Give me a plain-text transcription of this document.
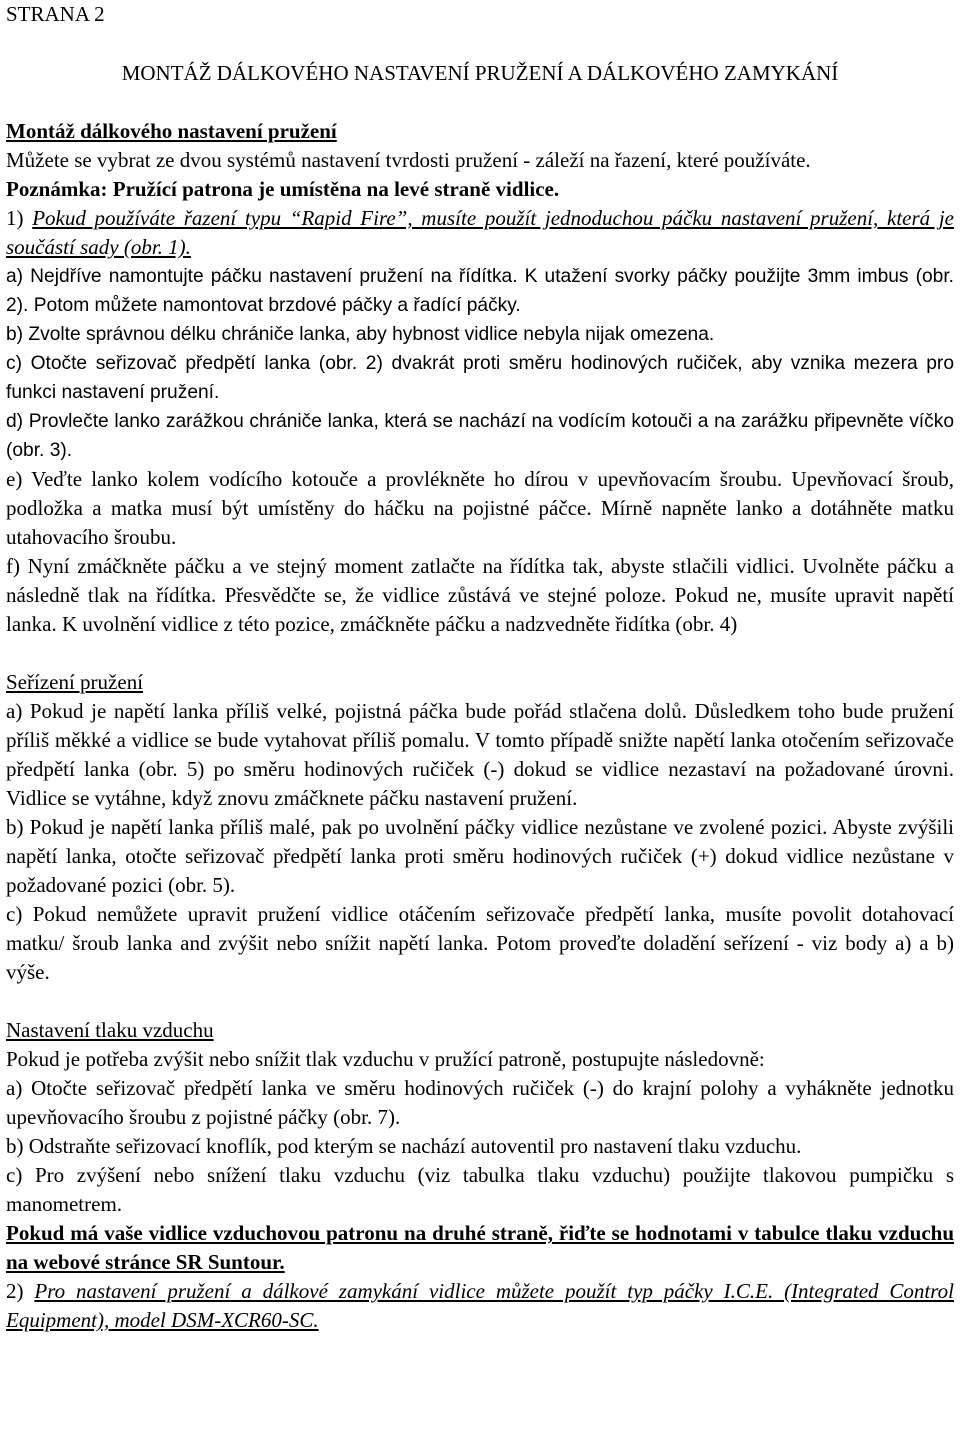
STRANA 2
MONTÁŽ DÁLKOVÉHO NASTAVENÍ PRUŽENÍ A DÁLKOVÉHO ZAMYKÁNÍ

Montáž dálkového nastavení pružení

Můžete se vybrat ze dvou systémů nastavení tvrdosti pružení - záleží na řazení, které používáte.

Poznámka: Pružící patrona je umístěna na levé straně vidlice.

1) Pokud používáte řazení typu “Rapid Fire”, musíte použít jednoduchou páčku nastavení pružení, která je součástí sady (obr. 1).

a) Nejdříve namontujte páčku nastavení pružení na řídítka. K utažení svorky páčky použijte 3mm imbus (obr. 2). Potom můžete namontovat brzdové páčky a řadící páčky.

b) Zvolte správnou délku chrániče lanka, aby hybnost vidlice nebyla nijak omezena.

c) Otočte seřizovač předpětí lanka (obr. 2) dvakrát proti směru hodinových ručiček, aby vznika mezera pro funkci nastavení pružení.

d) Provlečte lanko zarážkou chrániče lanka, která se nachází na vodícím kotouči a na zarážku připevněte víčko (obr. 3).

e) Veďte lanko kolem vodícího kotouče a provlékněte ho dírou v upevňovacím šroubu. Upevňovací šroub, podložka a matka musí být umístěny do háčku na pojistné páčce. Mírně napněte lanko a dotáhněte matku utahovacího šroubu.

f) Nyní zmáčkněte páčku a ve stejný moment zatlačte na řídítka tak, abyste stlačili vidlici. Uvolněte páčku a následně tlak na řídítka. Přesvědčte se, že vidlice zůstává ve stejné poloze. Pokud ne, musíte upravit napětí lanka. K uvolnění vidlice z této pozice, zmáčkněte páčku a nadzvedněte řidítka (obr. 4)

Seřízení pružení

a) Pokud je napětí lanka příliš velké, pojistná páčka bude pořád stlačena dolů. Důsledkem toho bude pružení příliš měkké a vidlice se bude vytahovat příliš pomalu. V tomto případě snižte napětí lanka otočením seřizovače předpětí lanka (obr. 5) po směru hodinových ručiček (-) dokud se vidlice nezastaví na požadované úrovni. Vidlice se vytáhne, když znovu zmáčknete páčku nastavení pružení.

b) Pokud je napětí lanka příliš malé, pak po uvolnění páčky vidlice nezůstane ve zvolené pozici. Abyste zvýšili napětí lanka, otočte seřizovač předpětí lanka proti směru hodinových ručiček (+) dokud vidlice nezůstane v požadované pozici (obr. 5).

c) Pokud nemůžete upravit pružení vidlice otáčením seřizovače předpětí lanka, musíte povolit dotahovací matku/ šroub lanka and zvýšit nebo snížit napětí lanka. Potom proveďte doladění seřízení - viz body a) a b) výše.

Nastavení tlaku vzduchu

Pokud je potřeba zvýšit nebo snížit tlak vzduchu v pružící patroně, postupujte následovně:

a) Otočte seřizovač předpětí lanka ve směru hodinových ručiček (-) do krajní polohy a vyhákněte jednotku upevňovacího šroubu z pojistné páčky (obr. 7).

b) Odstraňte seřizovací knoflík, pod kterým se nachází autoventil pro nastavení tlaku vzduchu.

c) Pro zvýšení nebo snížení tlaku vzduchu (viz tabulka tlaku vzduchu) použijte tlakovou pumpičku s manometrem.

Pokud má vaše vidlice vzduchovou patronu na druhé straně, řiďte se hodnotami v tabulce tlaku vzduchu na webové stránce SR Suntour.

2) Pro nastavení pružení a dálkové zamykání vidlice můžete použít typ páčky I.C.E. (Integrated Control Equipment), model DSM-XCR60-SC.
